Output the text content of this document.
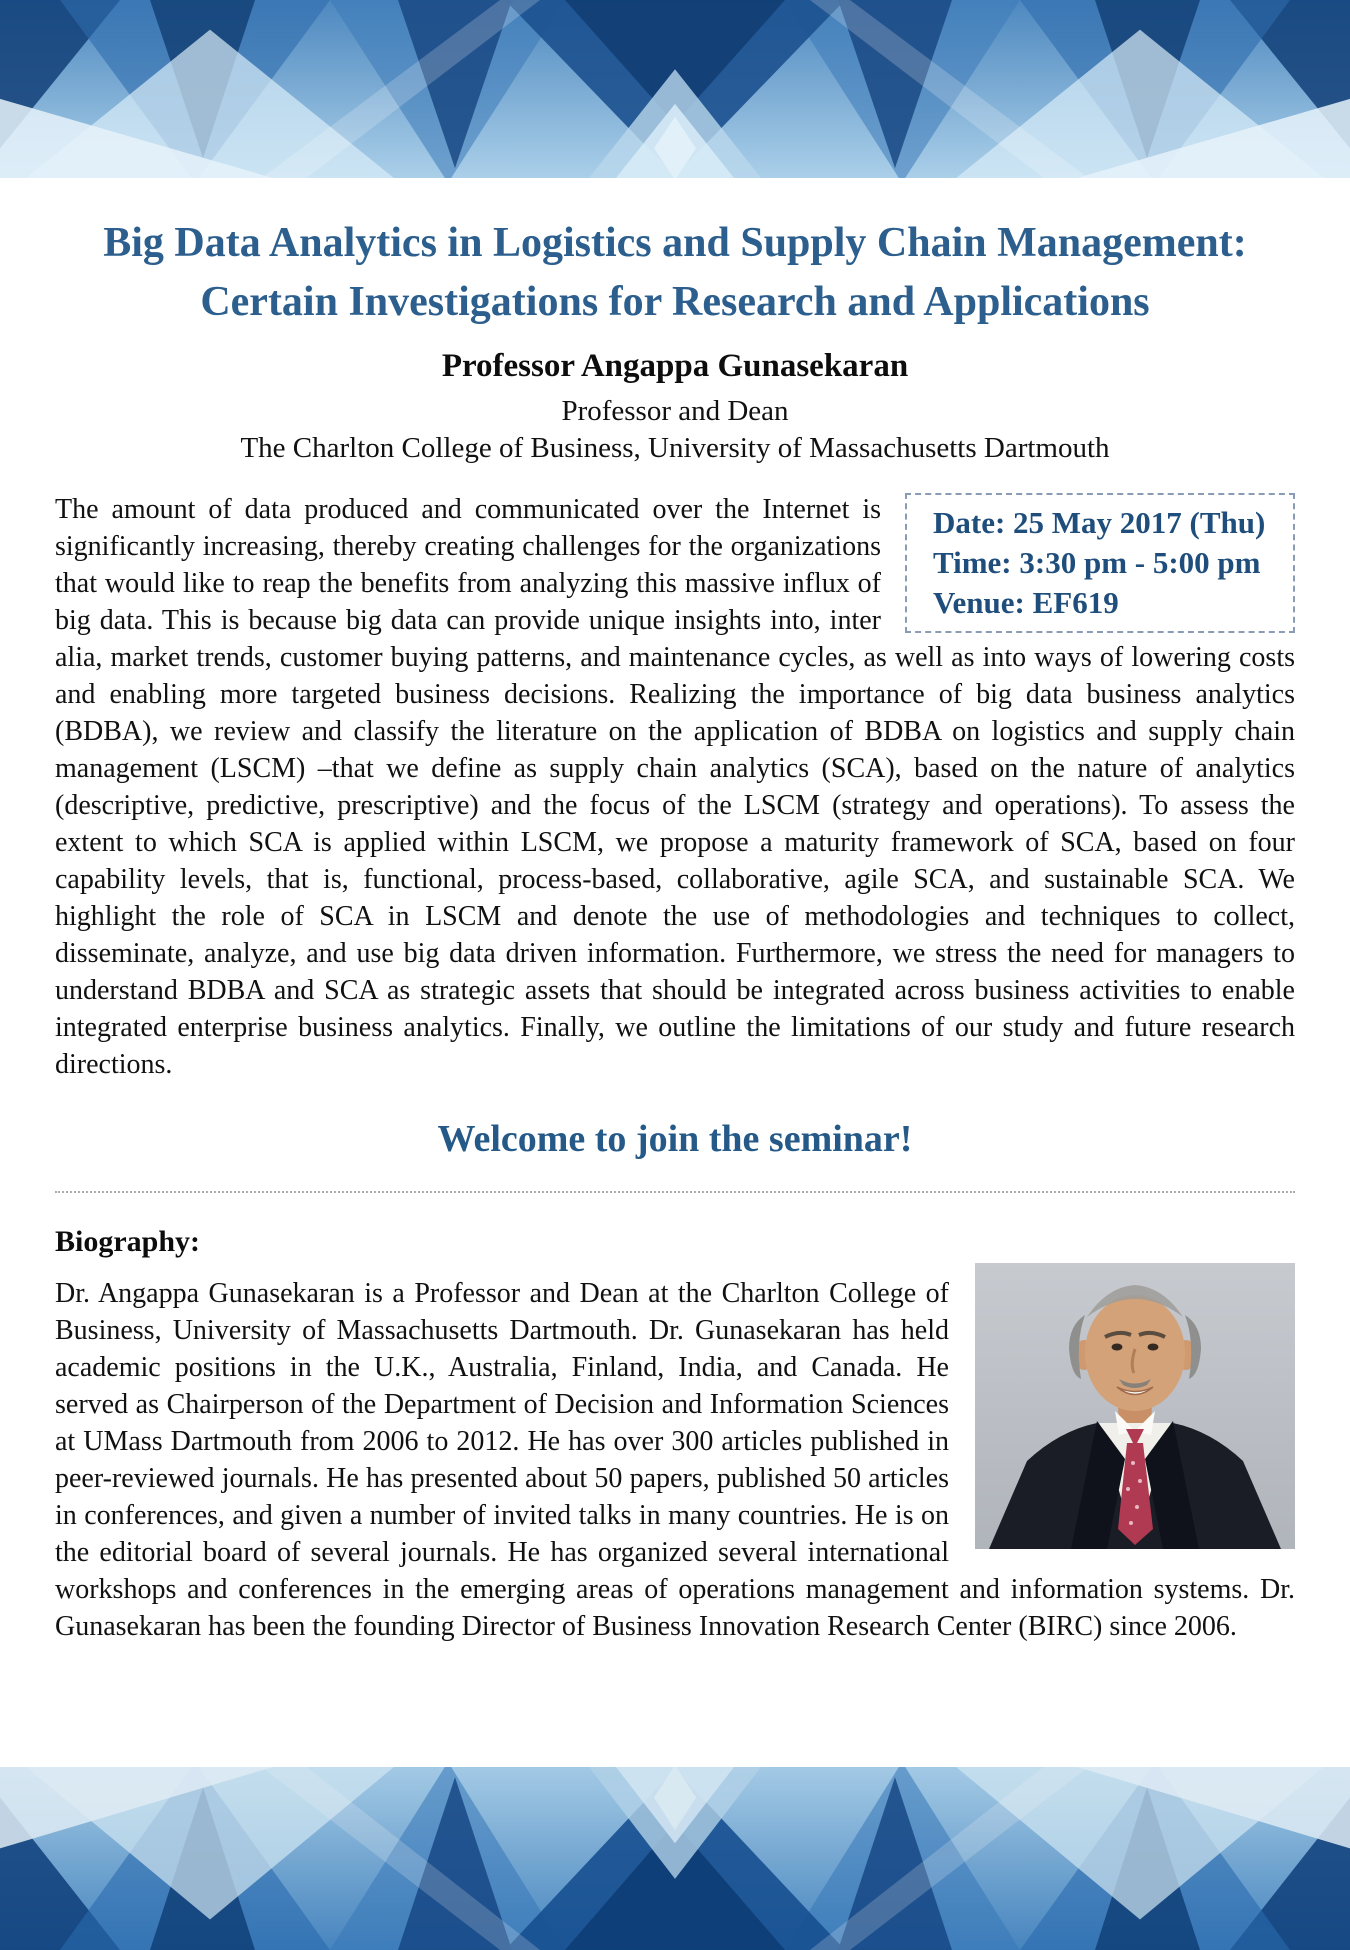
Big Data Analytics in Logistics and Supply Chain Management:
Certain Investigations for Research and Applications
Professor Angappa Gunasekaran
Professor and Dean
The Charlton College of Business, University of Massachusetts Dartmouth

Date: 25 May 2017 (Thu)
Time: 3:30 pm - 5:00 pm
Venue: EF619
The amount of data produced and communicated over the Internet is significantly increasing, thereby creating challenges for the organizations that would like to reap the benefits from analyzing this massive influx of big data. This is because big data can provide unique insights into, inter alia, market trends, customer buying patterns, and maintenance cycles, as well as into ways of lowering costs and enabling more targeted business decisions. Realizing the importance of big data business analytics (BDBA), we review and classify the literature on the application of BDBA on logistics and supply chain management (LSCM) –that we define as supply chain analytics (SCA), based on the nature of analytics (descriptive, predictive, prescriptive) and the focus of the LSCM (strategy and operations). To assess the extent to which SCA is applied within LSCM, we propose a maturity framework of SCA, based on four capability levels, that is, functional, process-based, collaborative, agile SCA, and sustainable SCA. We highlight the role of SCA in LSCM and denote the use of methodologies and techniques to collect, disseminate, analyze, and use big data driven information. Furthermore, we stress the need for managers to understand BDBA and SCA as strategic assets that should be integrated across business activities to enable integrated enterprise business analytics. Finally, we outline the limitations of our study and future research directions.

Welcome to join the seminar!
Biography:

Dr. Angappa Gunasekaran is a Professor and Dean at the Charlton College of Business, University of Massachusetts Dartmouth. Dr. Gunasekaran has held academic positions in the U.K., Australia, Finland, India, and Canada. He served as Chairperson of the Department of Decision and Information Sciences at UMass Dartmouth from 2006 to 2012. He has over 300 articles published in peer-reviewed journals. He has presented about 50 papers, published 50 articles in conferences, and given a number of invited talks in many countries. He is on the editorial board of several journals. He has organized several international workshops and conferences in the emerging areas of operations management and information systems. Dr. Gunasekaran has been the founding Director of Business Innovation Research Center (BIRC) since 2006.
